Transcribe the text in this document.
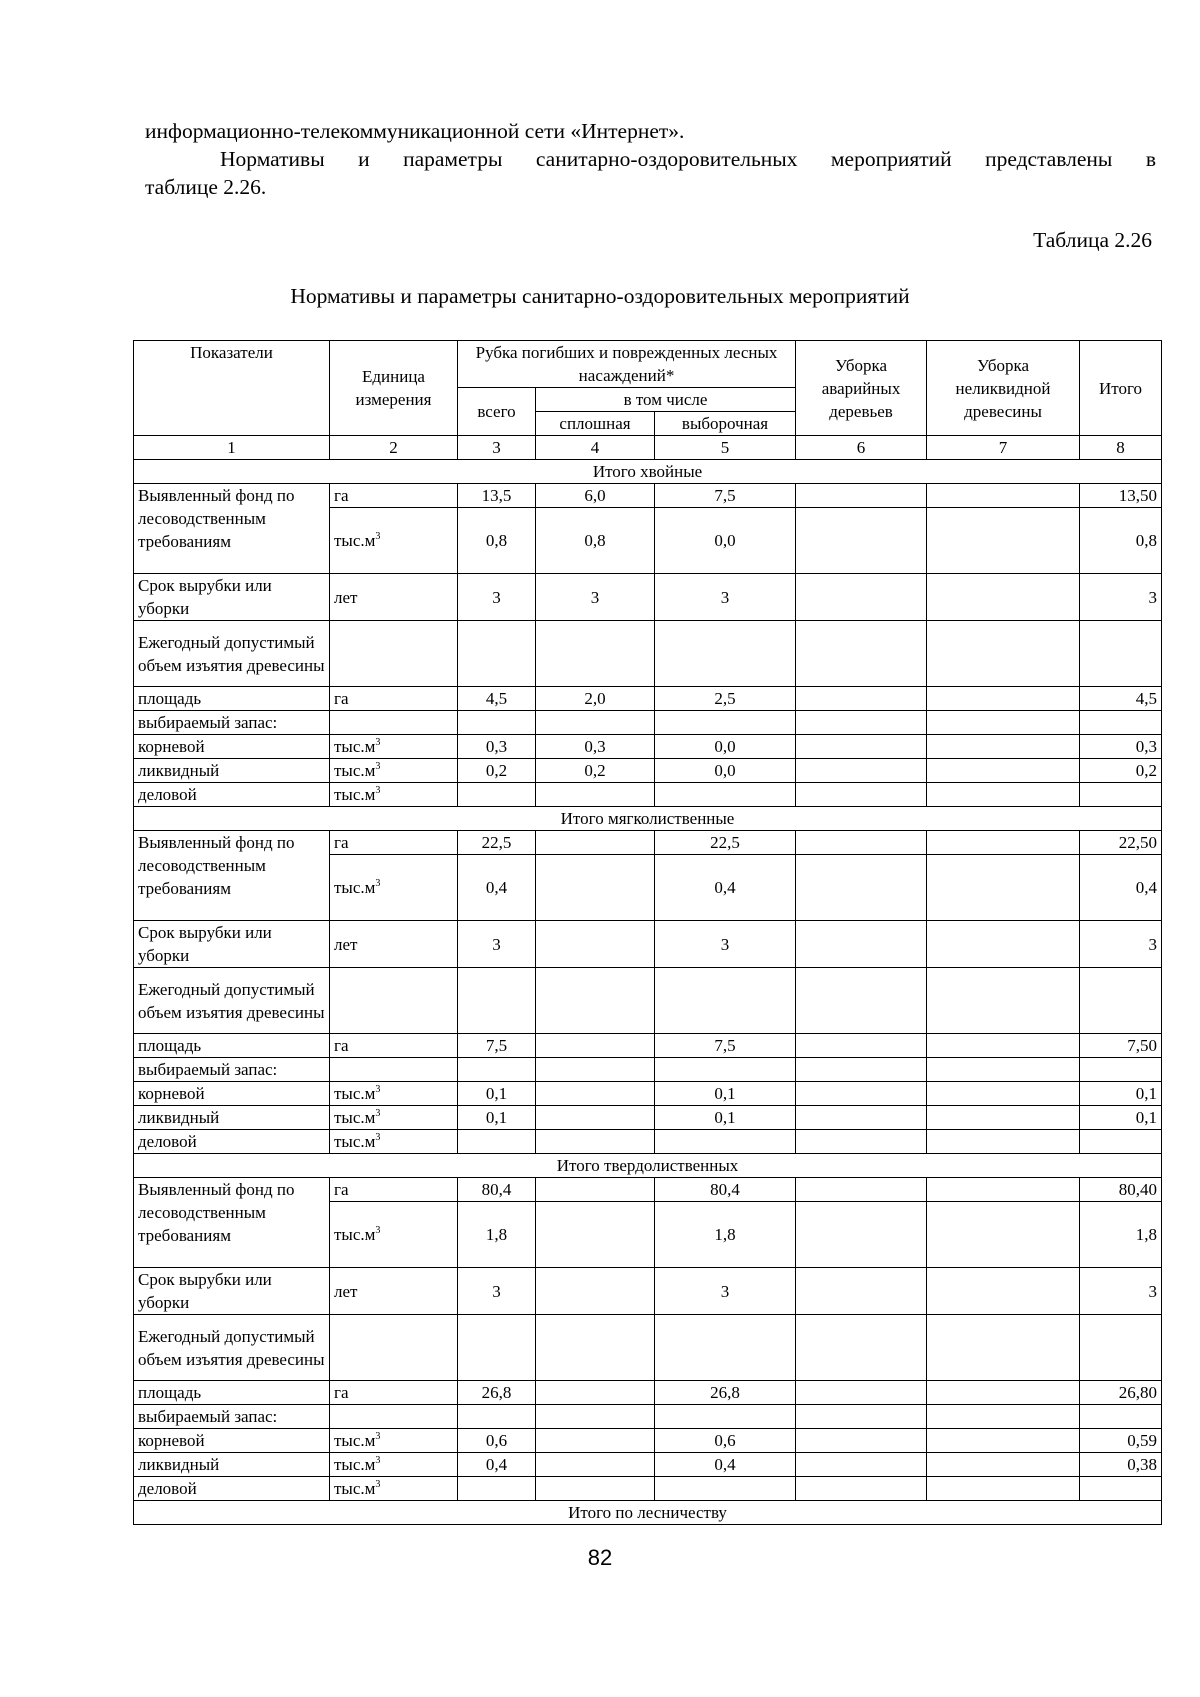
информационно-телекоммуникационной сети «Интернет».
Нормативы и параметры санитарно-оздоровительных мероприятий представлены в
таблице 2.26.
Таблица 2.26
Нормативы и параметры санитарно-оздоровительных мероприятий
Показатели	Единица измерения	Рубка погибших и поврежденных лесных насаждений*			Уборка аварийных деревьев	Уборка неликвидной древесины	Итого
		всего	в том числе				
			сплошная	выборочная			
1	2	3	4	5	6	7	8
Итого хвойные							
Выявленный фонд по лесоводственным требованиям	га	13,5	6,0	7,5			13,50
	$тыс.м^3$	0,8	0,8	0,0			0,8
Срок вырубки или уборки	лет	3	3	3			3
Ежегодный допустимый объем изъятия древесины							
площадь	га	4,5	2,0	2,5			4,5
выбираемый запас:							
корневой	$тыс.м^3$	0,3	0,3	0,0			0,3
ликвидный	$тыс.м^3$	0,2	0,2	0,0			0,2
деловой	$тыс.м^3$						
Итого мягколиственные							
Выявленный фонд по лесоводственным требованиям	га	22,5		22,5			22,50
	$тыс.м^3$	0,4		0,4			0,4
Срок вырубки или уборки	лет	3		3			3
Ежегодный допустимый объем изъятия древесины							
площадь	га	7,5		7,5			7,50
выбираемый запас:							
корневой	$тыс.м^3$	0,1		0,1			0,1
ликвидный	$тыс.м^3$	0,1		0,1			0,1
деловой	$тыс.м^3$						
Итого твердолиственных							
Выявленный фонд по лесоводственным требованиям	га	80,4		80,4			80,40
	$тыс.м^3$	1,8		1,8			1,8
Срок вырубки или уборки	лет	3		3			3
Ежегодный допустимый объем изъятия древесины							
площадь	га	26,8		26,8			26,80
выбираемый запас:							
корневой	$тыс.м^3$	0,6		0,6			0,59
ликвидный	$тыс.м^3$	0,4		0,4			0,38
деловой	$тыс.м^3$						
Итого по лесничеству							
82
